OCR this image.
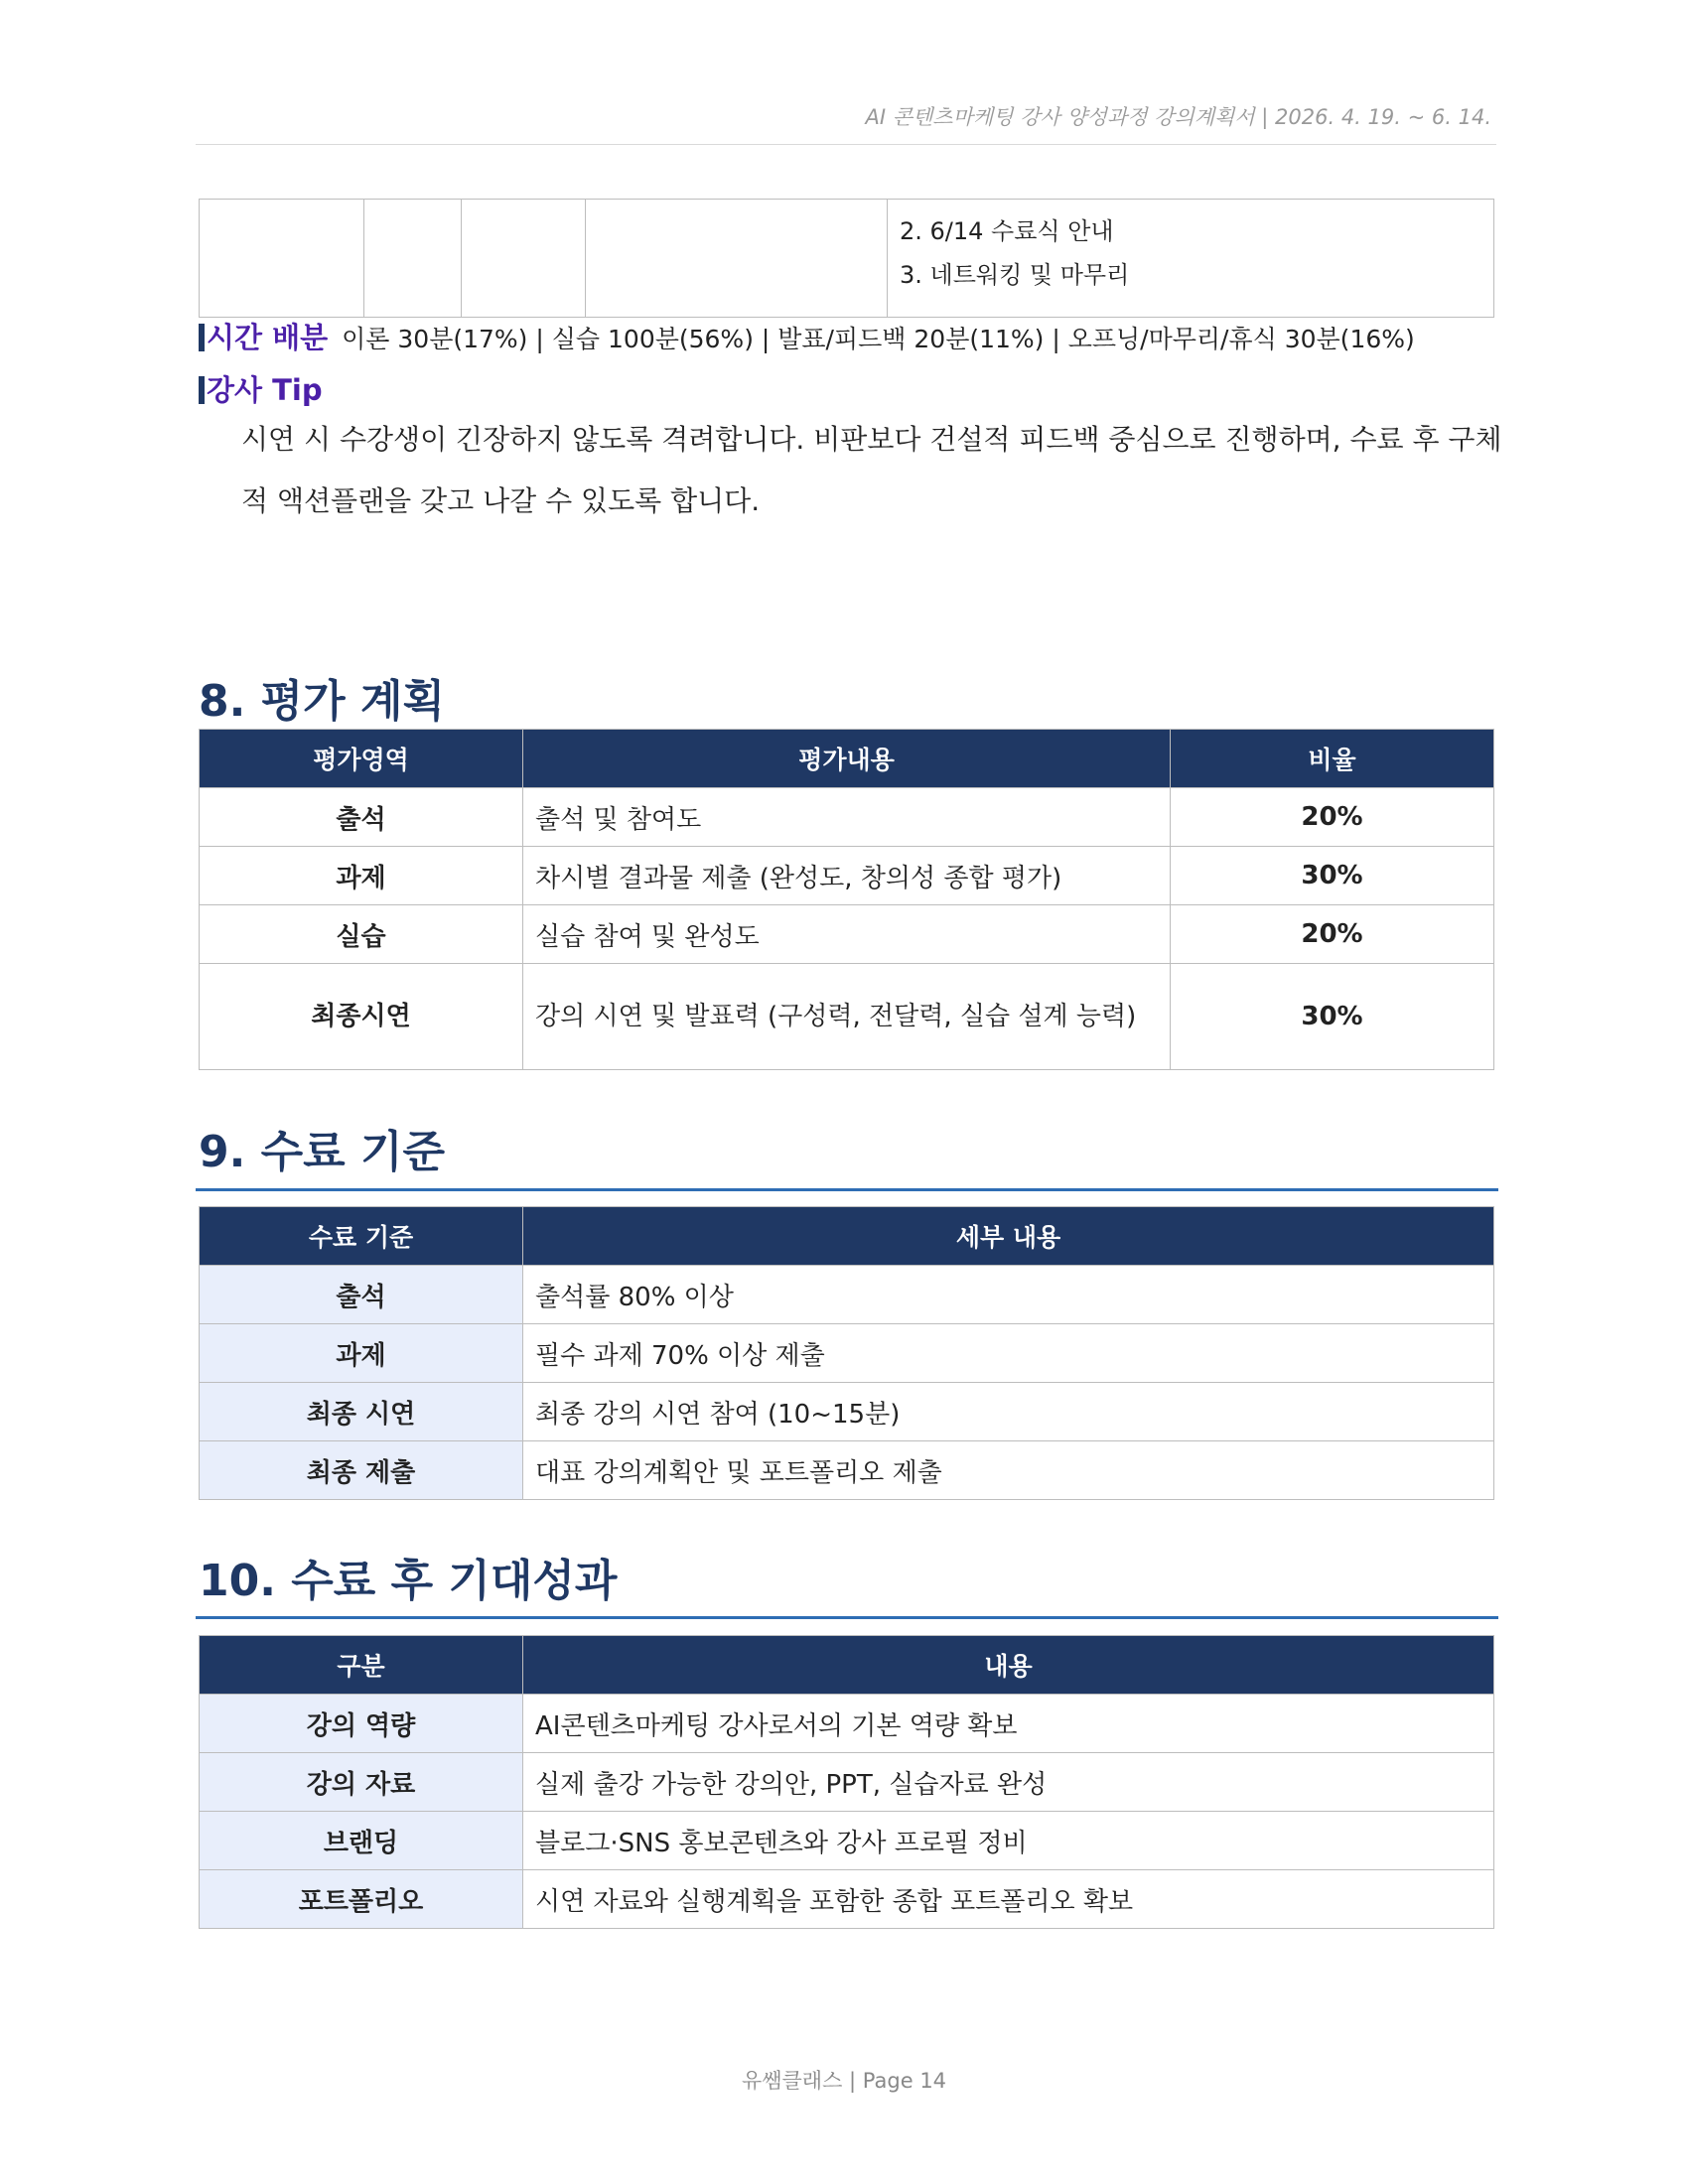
AI 콘텐츠마케팅 강사 양성과정 강의계획서 | 2026. 4. 19. ~ 6. 14.

2. 6/14 수료식 안내
3. 네트워킹 및 마무리
시간 배분 이론 30분(17%) | 실습 100분(56%) | 발표/피드백 20분(11%) | 오프닝/마무리/휴식 30분(16%)
강사 Tip
시연 시 수강생이 긴장하지 않도록 격려합니다. 비판보다 건설적 피드백 중심으로 진행하며, 수료 후 구체적 액션플랜을 갖고 나갈 수 있도록 합니다.
8. 평가 계획
평가영역	평가내용	비율
출석	출석 및 참여도	20%
과제	차시별 결과물 제출 (완성도, 창의성 종합 평가)	30%
실습	실습 참여 및 완성도	20%
최종시연	강의 시연 및 발표력 (구성력, 전달력, 실습 설계 능력)	30%
9. 수료 기준
수료 기준	세부 내용
출석	출석률 80% 이상
과제	필수 과제 70% 이상 제출
최종 시연	최종 강의 시연 참여 (10~15분)
최종 제출	대표 강의계획안 및 포트폴리오 제출
10. 수료 후 기대성과
구분	내용
강의 역량	AI콘텐츠마케팅 강사로서의 기본 역량 확보
강의 자료	실제 출강 가능한 강의안, PPT, 실습자료 완성
브랜딩	블로그·SNS 홍보콘텐츠와 강사 프로필 정비
포트폴리오	시연 자료와 실행계획을 포함한 종합 포트폴리오 확보
유쌤클래스 | Page 14
